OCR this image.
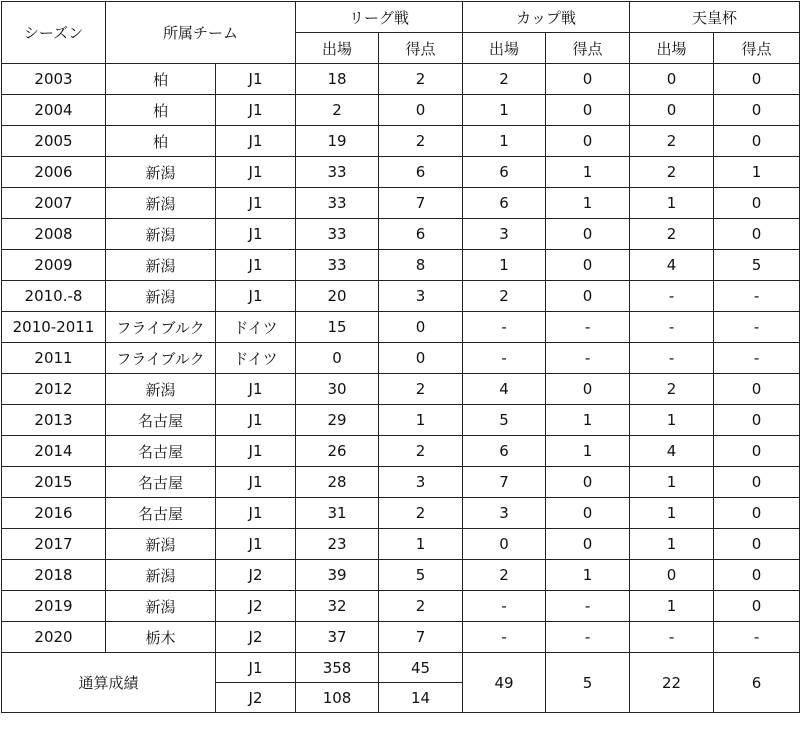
シーズン	所属チーム		リーグ戦		カップ戦		天皇杯	
			出場	得点	出場	得点	出場	得点
2003	柏	J1	18	2	2	0	0	0
2004	柏	J1	2	0	1	0	0	0
2005	柏	J1	19	2	1	0	2	0
2006	新潟	J1	33	6	6	1	2	1
2007	新潟	J1	33	7	6	1	1	0
2008	新潟	J1	33	6	3	0	2	0
2009	新潟	J1	33	8	1	0	4	5
2010.-8	新潟	J1	20	3	2	0	-	-
2010-2011	フライブルク	ドイツ	15	0	-	-	-	-
2011	フライブルク	ドイツ	0	0	-	-	-	-
2012	新潟	J1	30	2	4	0	2	0
2013	名古屋	J1	29	1	5	1	1	0
2014	名古屋	J1	26	2	6	1	4	0
2015	名古屋	J1	28	3	7	0	1	0
2016	名古屋	J1	31	2	3	0	1	0
2017	新潟	J1	23	1	0	0	1	0
2018	新潟	J2	39	5	2	1	0	0
2019	新潟	J2	32	2	-	-	1	0
2020	栃木	J2	37	7	-	-	-	-
通算成績		J1	358	45	49	5	22	6
		J2	108	14				
